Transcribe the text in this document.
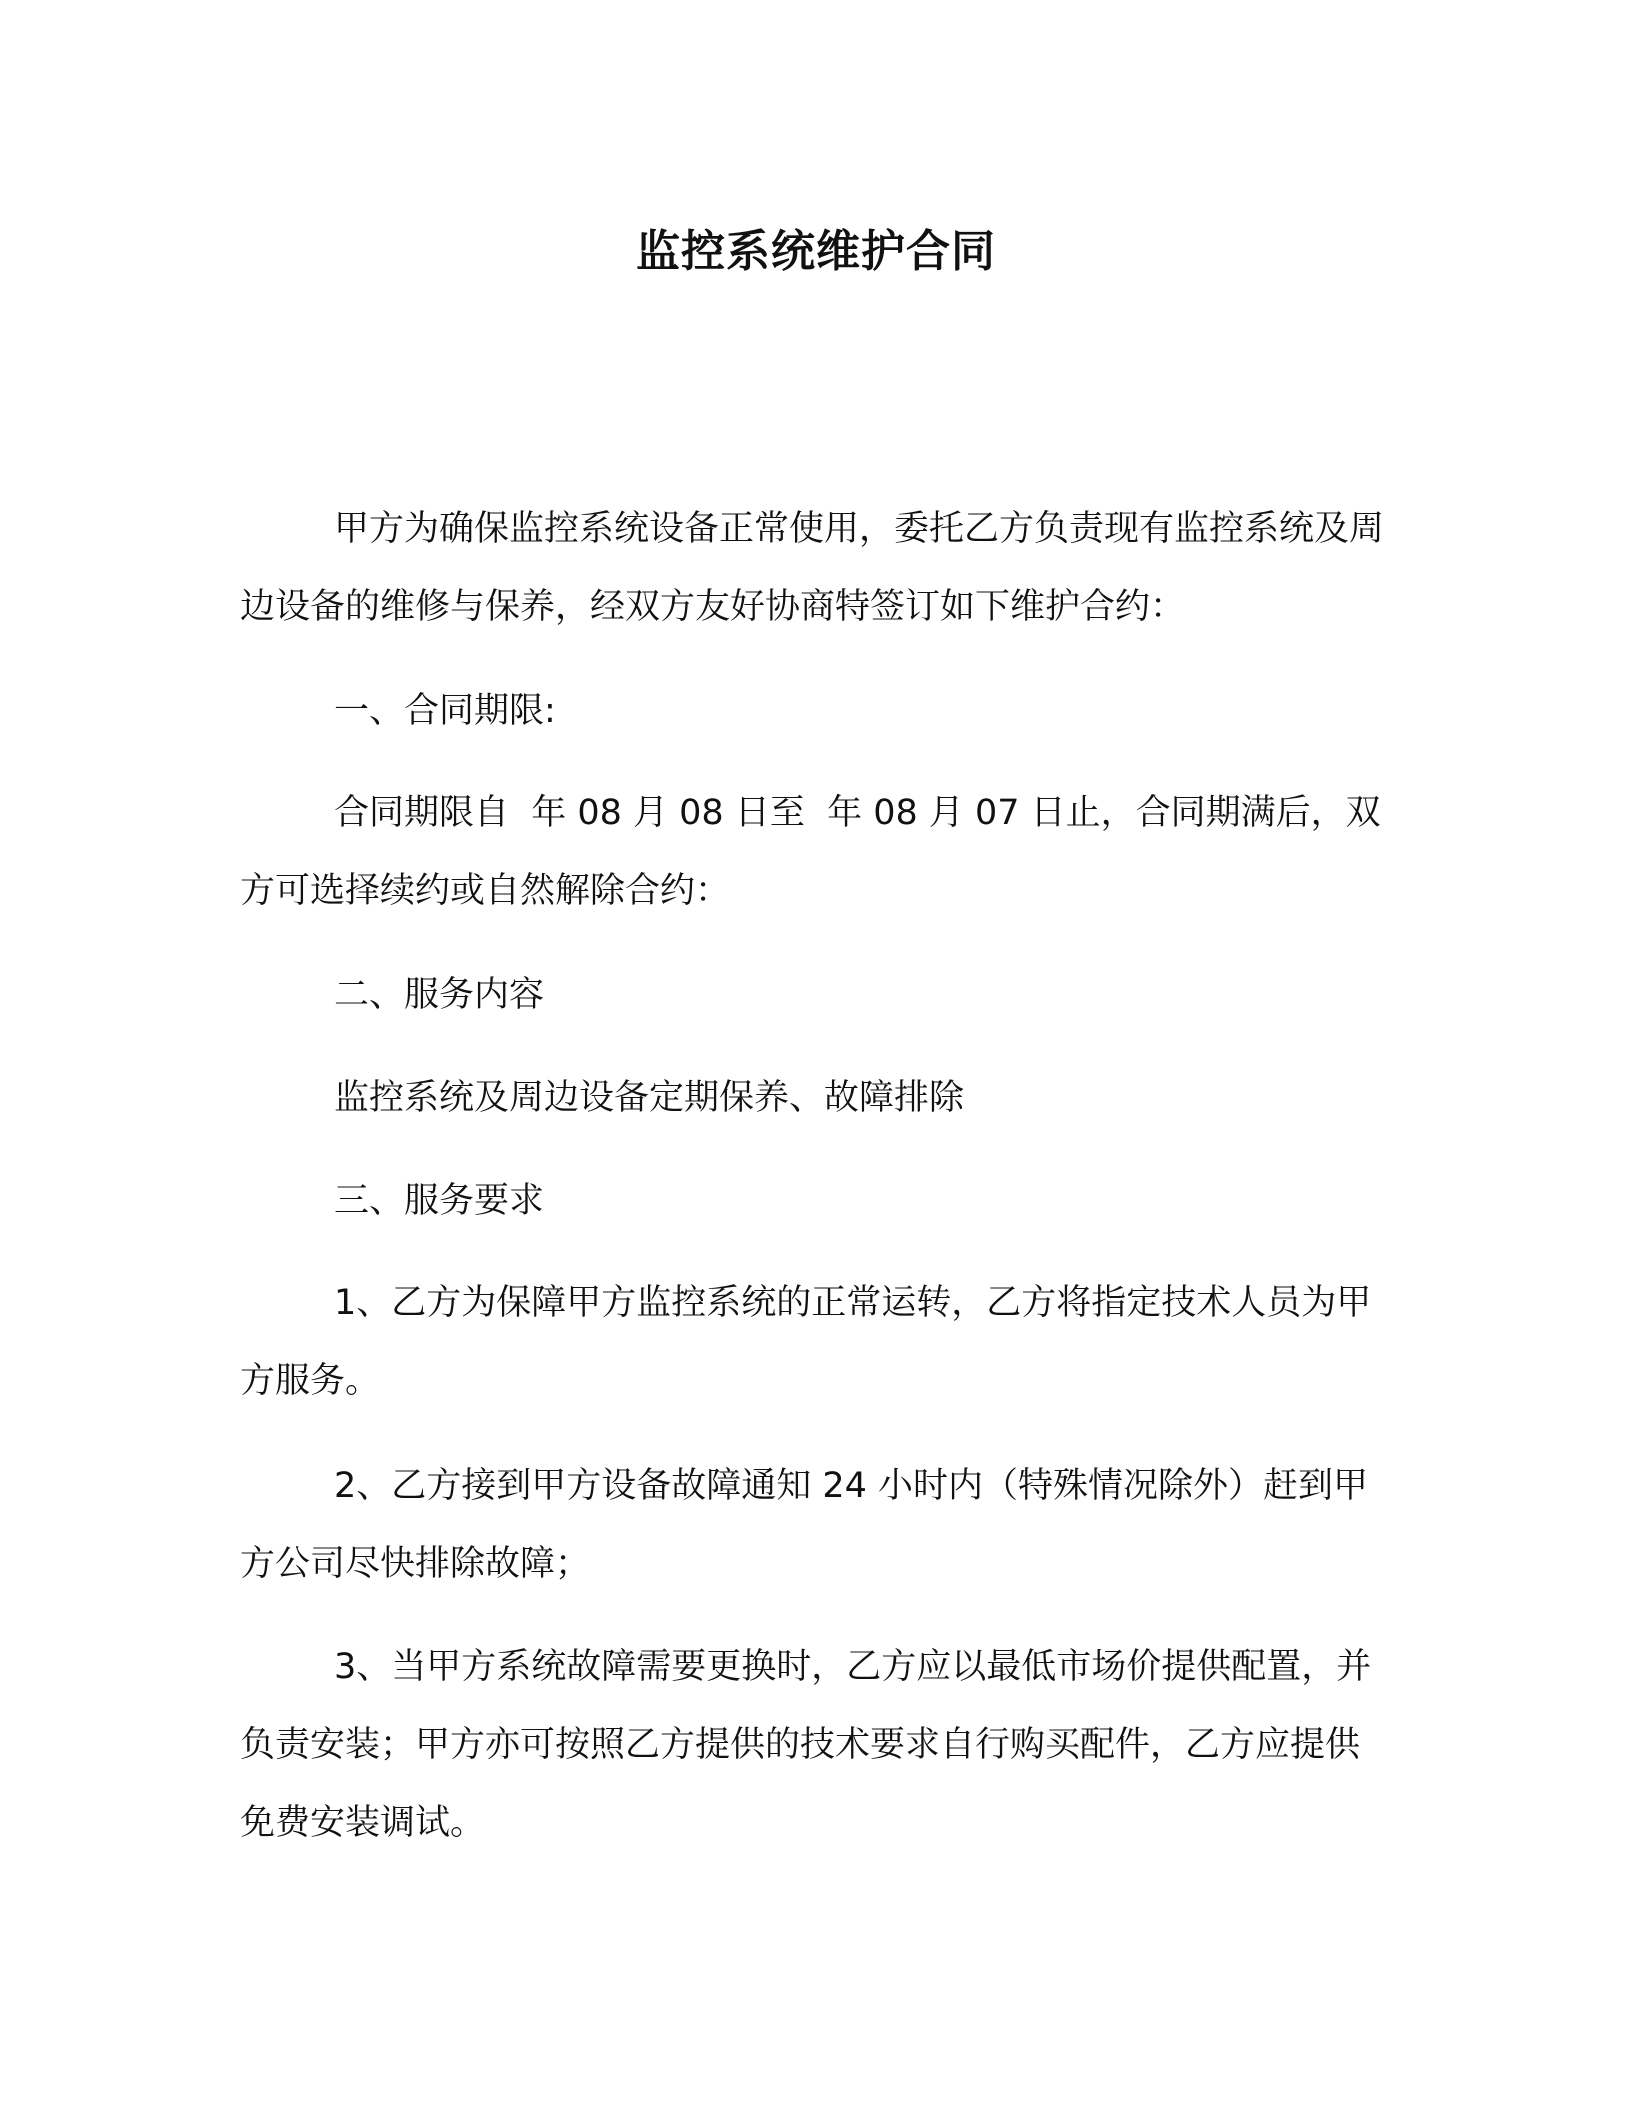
监控系统维护合同

甲方为确保监控系统设备正常使用，委托乙方负责现有监控系统及周边设备的维修与保养，经双方友好协商特签订如下维护合约：

一、合同期限:

合同期限自  年 08 月 08 日至  年 08 月 07 日止，合同期满后，双方可选择续约或自然解除合约：

二、服务内容

监控系统及周边设备定期保养、故障排除

三、服务要求

1、乙方为保障甲方监控系统的正常运转，乙方将指定技术人员为甲方服务。

2、乙方接到甲方设备故障通知 24 小时内（特殊情况除外）赶到甲方公司尽快排除故障；

3、当甲方系统故障需要更换时，乙方应以最低市场价提供配置，并负责安装；甲方亦可按照乙方提供的技术要求自行购买配件，乙方应提供免费安装调试。
